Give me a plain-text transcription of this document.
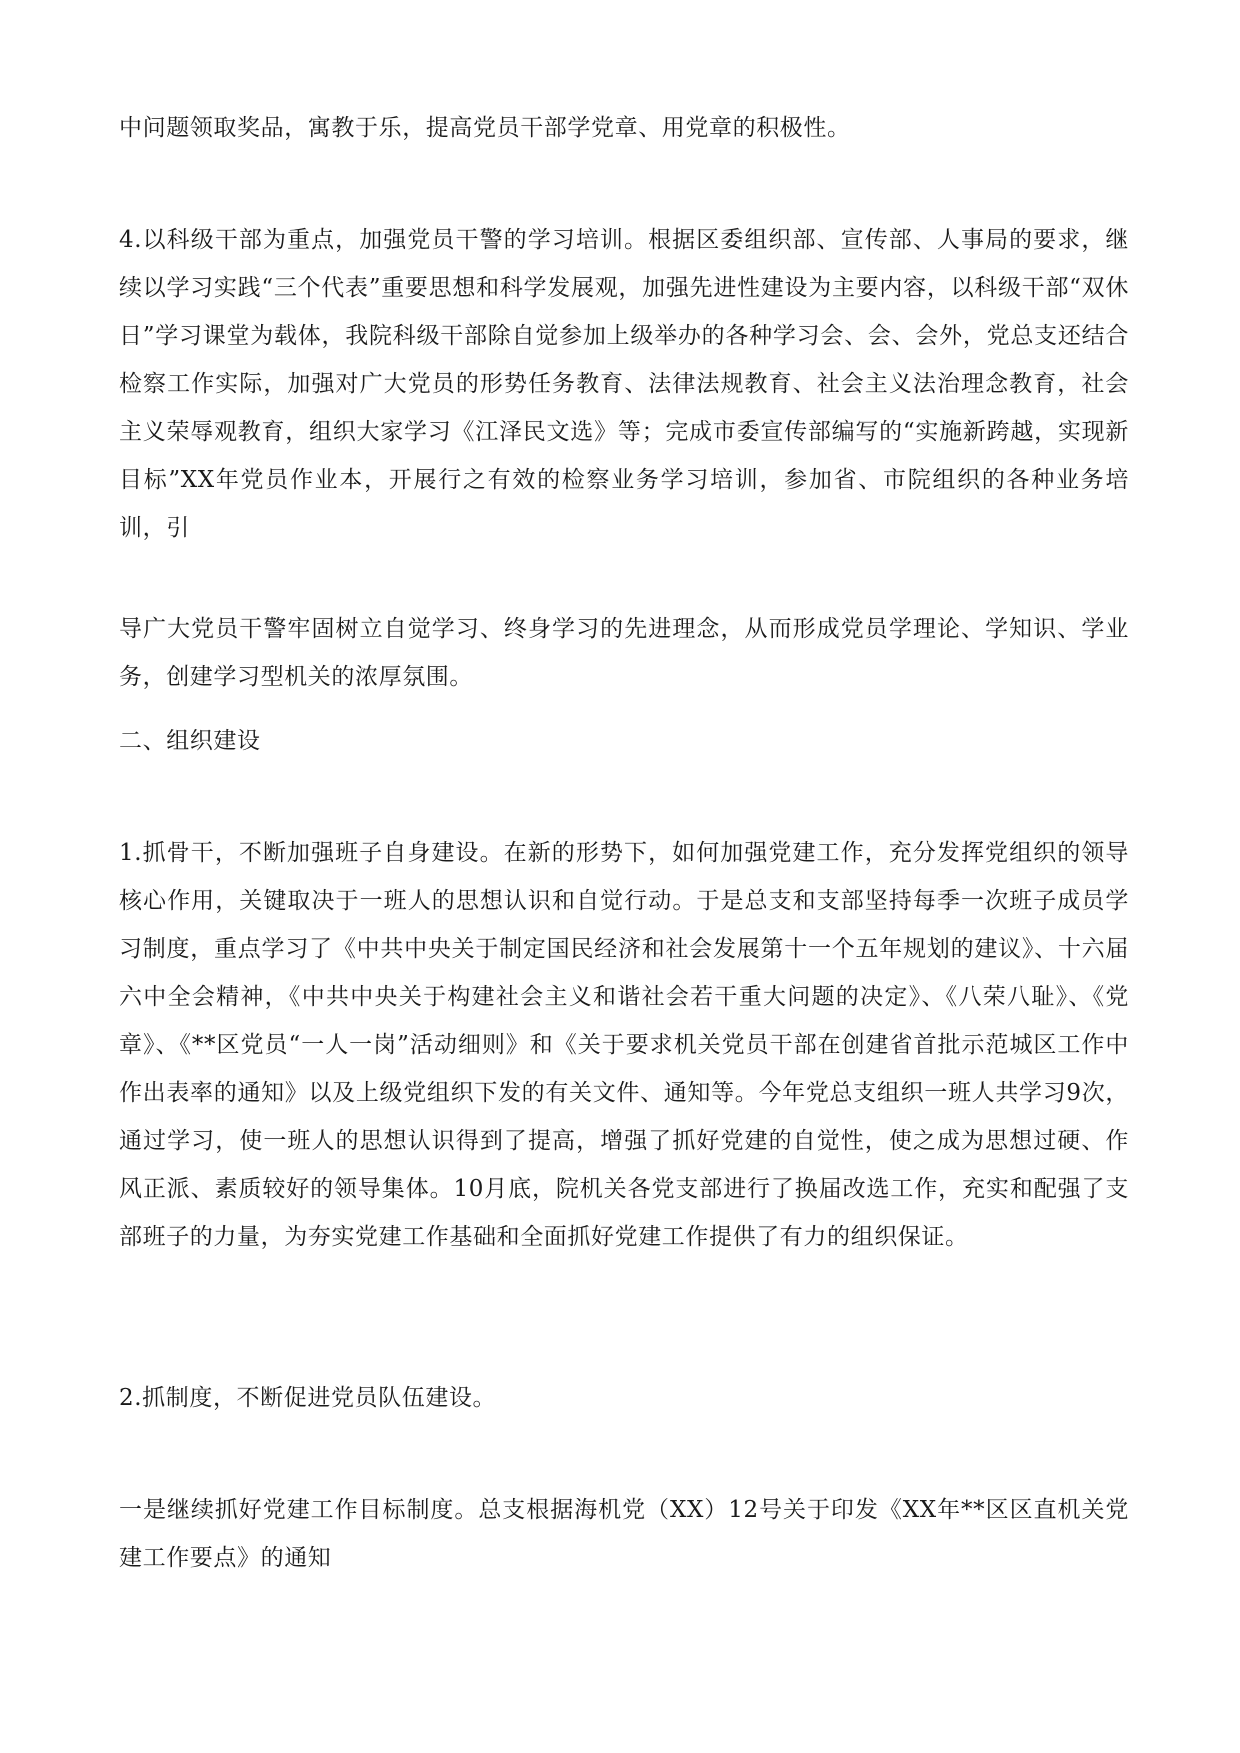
中问题领取奖品，寓教于乐，提高党员干部学党章、用党章的积极性。

4.以科级干部为重点，加强党员干警的学习培训。根据区委组织部、宣传部、人事局的要求，继续以学习实践“三个代表”重要思想和科学发展观，加强先进性建设为主要内容，以科级干部“双休日”学习课堂为载体，我院科级干部除自觉参加上级举办的各种学习会、会、会外，党总支还结合检察工作实际，加强对广大党员的形势任务教育、法律法规教育、社会主义法治理念教育，社会主义荣辱观教育，组织大家学习《江泽民文选》等；完成市委宣传部编写的“实施新跨越，实现新目标”XX年党员作业本，开展行之有效的检察业务学习培训，参加省、市院组织的各种业务培训，引

导广大党员干警牢固树立自觉学习、终身学习的先进理念，从而形成党员学理论、学知识、学业务，创建学习型机关的浓厚氛围。

二、组织建设

1.抓骨干，不断加强班子自身建设。在新的形势下，如何加强党建工作，充分发挥党组织的领导核心作用，关键取决于一班人的思想认识和自觉行动。于是总支和支部坚持每季一次班子成员学习制度，重点学习了《中共中央关于制定国民经济和社会发展第十一个五年规划的建议》、十六届六中全会精神，《中共中央关于构建社会主义和谐社会若干重大问题的决定》、《八荣八耻》、《党章》、《**区党员“一人一岗”活动细则》和《关于要求机关党员干部在创建省首批示范城区工作中作出表率的通知》以及上级党组织下发的有关文件、通知等。今年党总支组织一班人共学习9次，通过学习，使一班人的思想认识得到了提高，增强了抓好党建的自觉性，使之成为思想过硬、作风正派、素质较好的领导集体。10月底，院机关各党支部进行了换届改选工作，充实和配强了支部班子的力量，为夯实党建工作基础和全面抓好党建工作提供了有力的组织保证。

2.抓制度，不断促进党员队伍建设。

一是继续抓好党建工作目标制度。总支根据海机党（XX）12号关于印发《XX年**区区直机关党建工作要点》的通知
